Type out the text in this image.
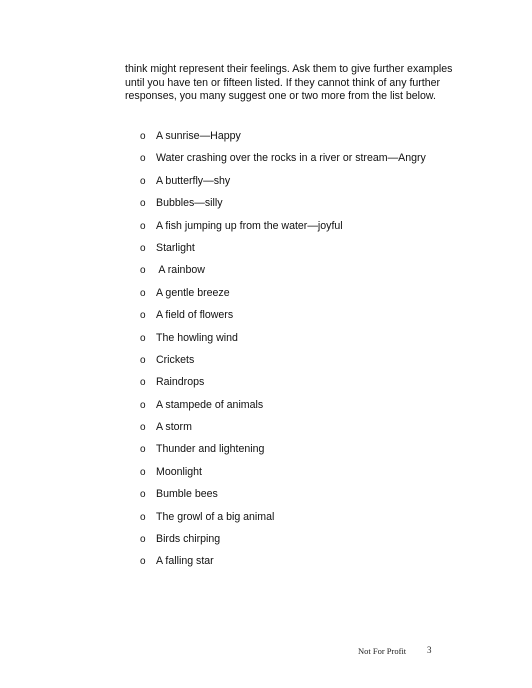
think might represent their feelings. Ask them to give further examples

until you have ten or fifteen listed. If they cannot think of any further

responses, you many suggest one or two more from the list below.

o A sunrise—Happy
o Water crashing over the rocks in a river or stream—Angry
o A butterfly—shy
o Bubbles—silly
o A fish jumping up from the water—joyful
o Starlight
o A rainbow
o A gentle breeze
o A field of flowers
o The howling wind
o Crickets
o Raindrops
o A stampede of animals
o A storm
o Thunder and lightening
o Moonlight
o Bumble bees
o The growl of a big animal
o Birds chirping
o A falling star
Not For Profit 3
